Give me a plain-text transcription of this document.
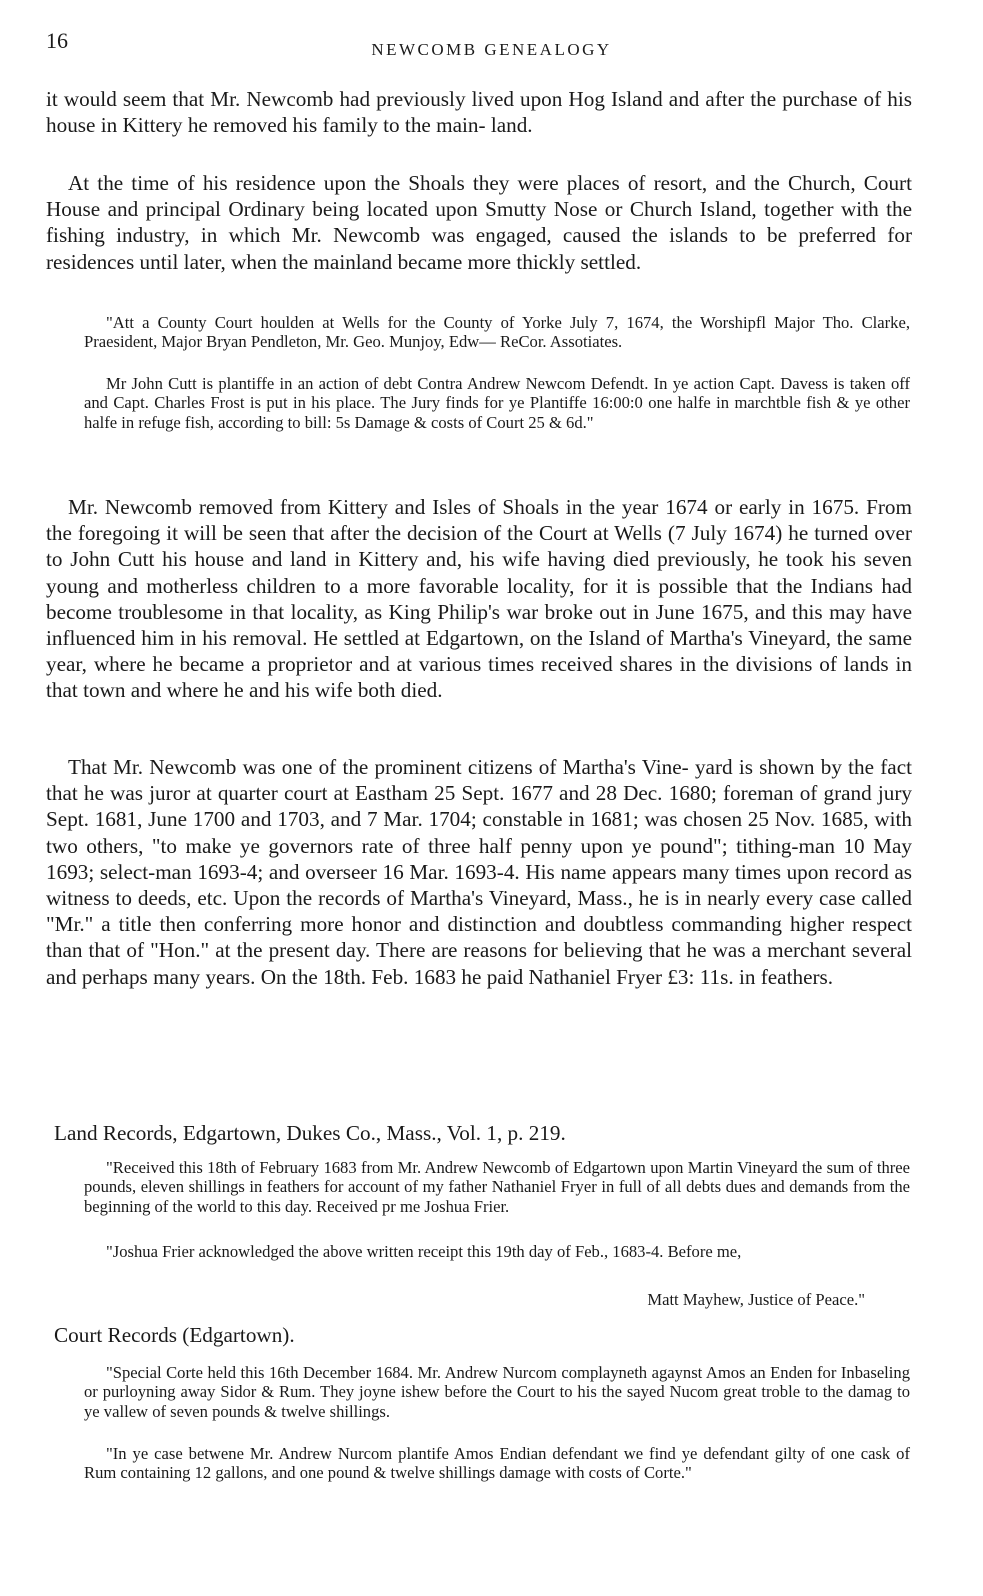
16	NEWCOMB GENEALOGY
it would seem that Mr. Newcomb had previously lived upon Hog Island and after the purchase of his house in Kittery he removed his family to the main- land.
At the time of his residence upon the Shoals they were places of resort, and the Church, Court House and principal Ordinary being located upon Smutty Nose or Church Island, together with the fishing industry, in which Mr. Newcomb was engaged, caused the islands to be preferred for residences until later, when the mainland became more thickly settled.
"Att a County Court houlden at Wells for the County of Yorke July 7, 1674, the Worshipfl Major Tho. Clarke, Praesident, Major Bryan Pendleton, Mr. Geo. Munjoy, Edw— ReCor. Assotiates.
Mr John Cutt is plantiffe in an action of debt Contra Andrew Newcom Defendt. In ye action Capt. Davess is taken off and Capt. Charles Frost is put in his place. The Jury finds for ye Plantiffe 16:00:0 one halfe in marchtble fish & ye other halfe in refuge fish, according to bill: 5s Damage & costs of Court 25 & 6d."
Mr. Newcomb removed from Kittery and Isles of Shoals in the year 1674 or early in 1675. From the foregoing it will be seen that after the decision of the Court at Wells (7 July 1674) he turned over to John Cutt his house and land in Kittery and, his wife having died previously, he took his seven young and motherless children to a more favorable locality, for it is possible that the Indians had become troublesome in that locality, as King Philip's war broke out in June 1675, and this may have influenced him in his removal. He settled at Edgartown, on the Island of Martha's Vineyard, the same year, where he became a proprietor and at various times received shares in the divisions of lands in that town and where he and his wife both died.
That Mr. Newcomb was one of the prominent citizens of Martha's Vine- yard is shown by the fact that he was juror at quarter court at Eastham 25 Sept. 1677 and 28 Dec. 1680; foreman of grand jury Sept. 1681, June 1700 and 1703, and 7 Mar. 1704; constable in 1681; was chosen 25 Nov. 1685, with two others, "to make ye governors rate of three half penny upon ye pound"; tithing-man 10 May 1693; select-man 1693-4; and overseer 16 Mar. 1693-4. His name appears many times upon record as witness to deeds, etc. Upon the records of Martha's Vineyard, Mass., he is in nearly every case called "Mr." a title then conferring more honor and distinction and doubtless commanding higher respect than that of "Hon." at the present day. There are reasons for believing that he was a merchant several and perhaps many years. On the 18th. Feb. 1683 he paid Nathaniel Fryer £3: 11s. in feathers.
Land Records, Edgartown, Dukes Co., Mass., Vol. 1, p. 219.
"Received this 18th of February 1683 from Mr. Andrew Newcomb of Edgartown upon Martin Vineyard the sum of three pounds, eleven shillings in feathers for account of my father Nathaniel Fryer in full of all debts dues and demands from the beginning of the world to this day. Received pr me Joshua Frier.
"Joshua Frier acknowledged the above written receipt this 19th day of Feb., 1683-4. Before me,
Matt Mayhew, Justice of Peace."
Court Records (Edgartown).
"Special Corte held this 16th December 1684. Mr. Andrew Nurcom complayneth agaynst Amos an Enden for Inbaseling or purloyning away Sidor & Rum. They joyne ishew before the Court to his the sayed Nucom great troble to the damag to ye vallew of seven pounds & twelve shillings.
"In ye case betwene Mr. Andrew Nurcom plantife Amos Endian defendant we find ye defendant gilty of one cask of Rum containing 12 gallons, and one pound & twelve shillings damage with costs of Corte."
